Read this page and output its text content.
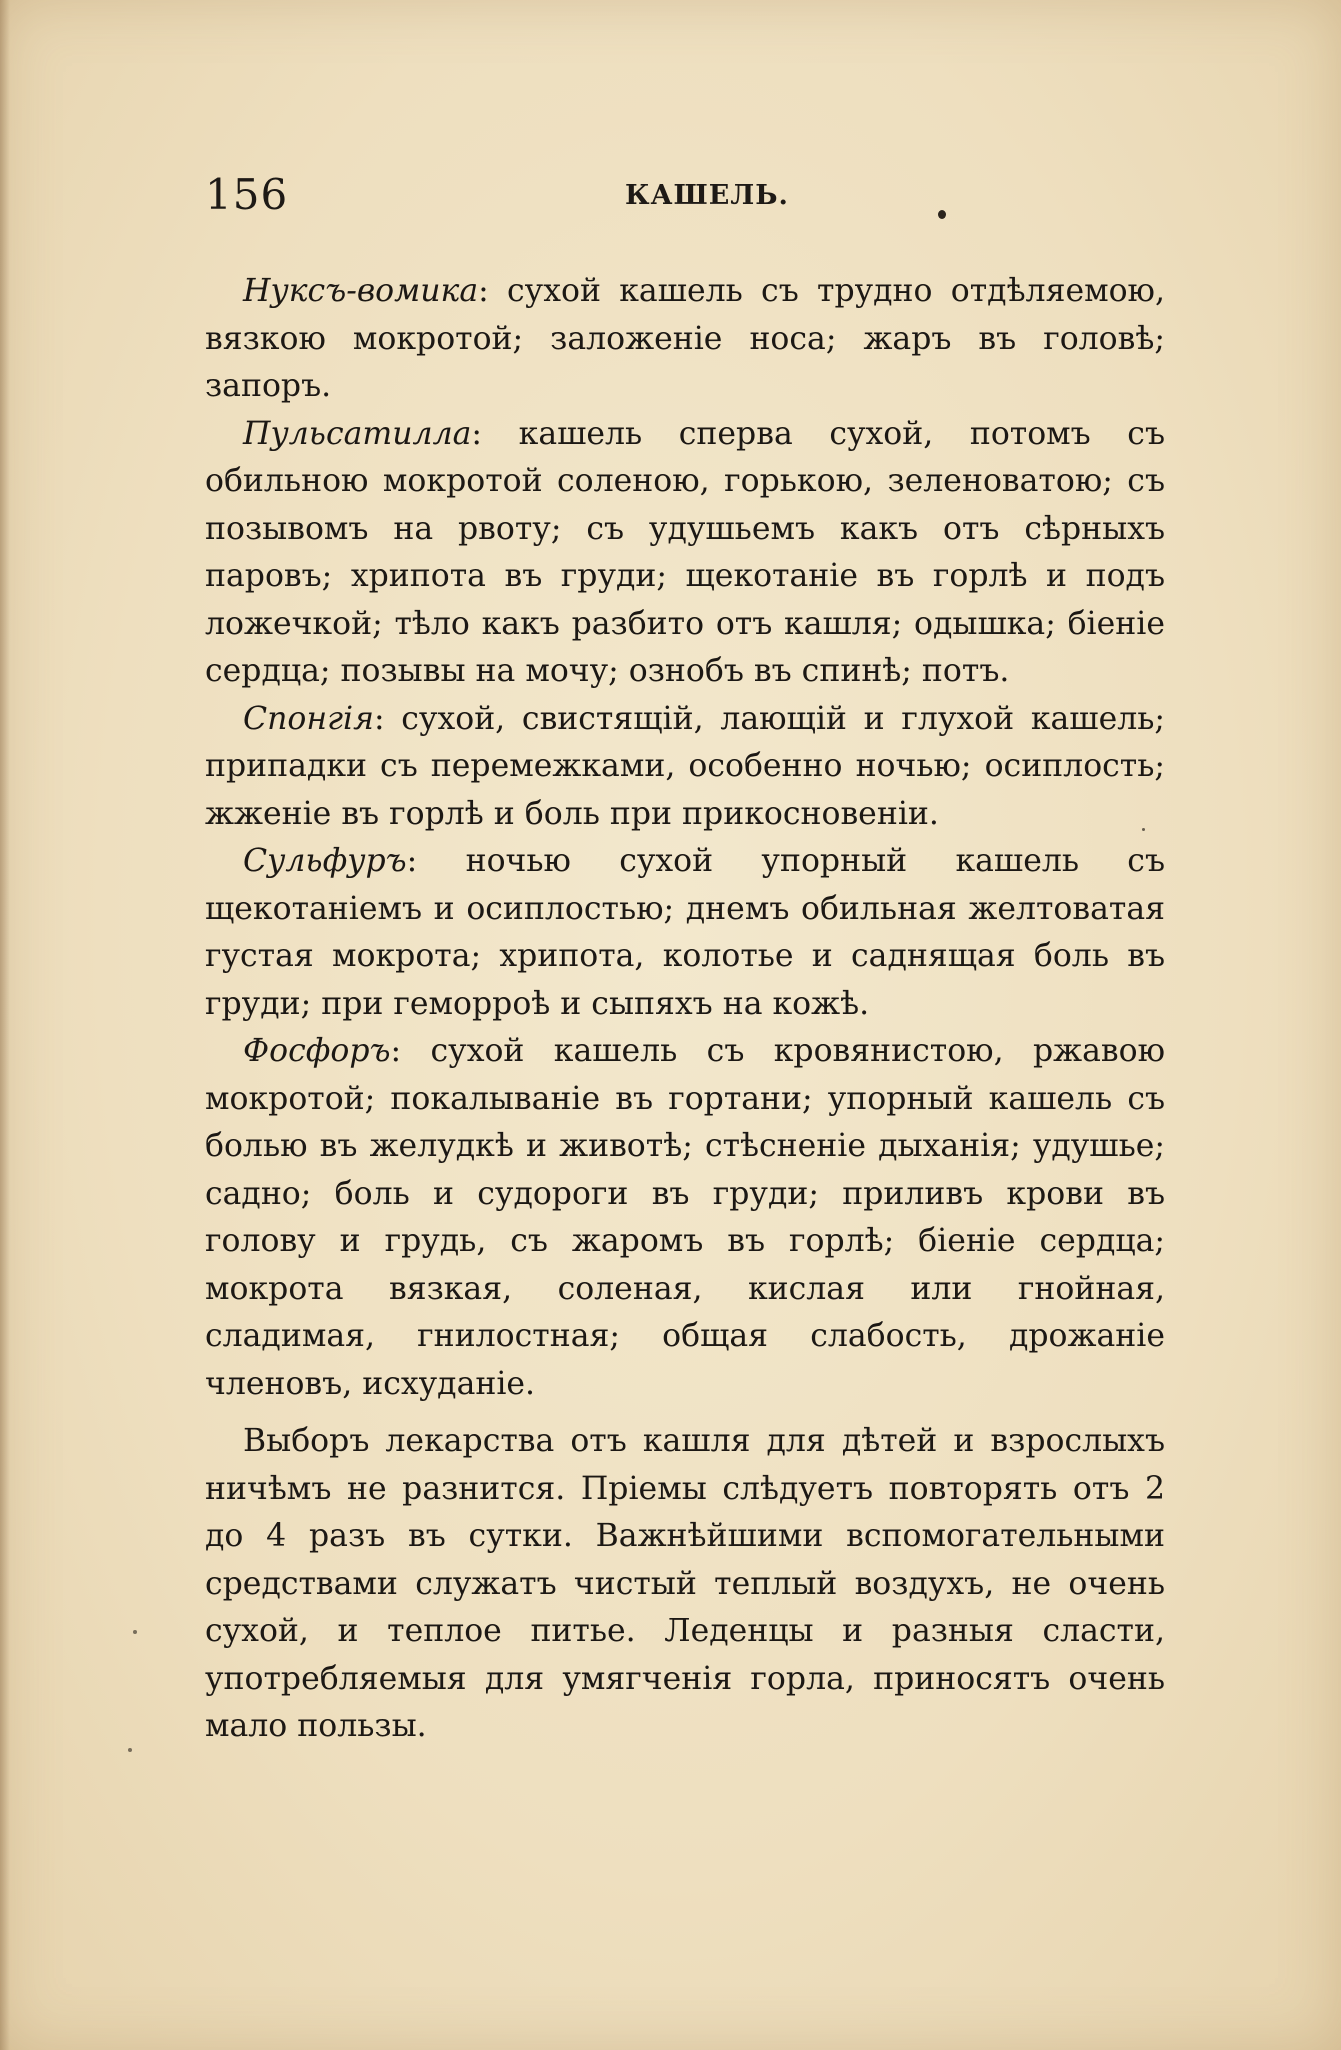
156	КАШЕЛЬ.

Нуксъ-вомика: сухой кашель съ трудно отдѣляемою, вязкою мокротой; заложеніе носа; жаръ въ головѣ; запоръ.

Пульсатилла: кашель сперва сухой, потомъ съ обильною мокротой соленою, горькою, зеленоватою; съ позывомъ на рвоту; съ удушьемъ какъ отъ сѣрныхъ паровъ; хрипота въ груди; щекотаніе въ горлѣ и подъ ложечкой; тѣло какъ разбито отъ кашля; одышка; біеніе сердца; позывы на мочу; ознобъ въ спинѣ; потъ.

Спонгія: сухой, свистящій, лающій и глухой кашель; припадки съ перемежками, особенно ночью; осиплость; жженіе въ горлѣ и боль при прикосновеніи.

Сульфуръ: ночью сухой упорный кашель съ щекотаніемъ и осиплостью; днемъ обильная желтоватая густая мокрота; хрипота, колотье и саднящая боль въ груди; при геморроѣ и сыпяхъ на кожѣ.

Фосфоръ: сухой кашель съ кровянистою, ржавою мокротой; покалываніе въ гортани; упорный кашель съ болью въ желудкѣ и животѣ; стѣсненіе дыханія; удушье; садно; боль и судороги въ груди; приливъ крови въ голову и грудь, съ жаромъ въ горлѣ; біеніе сердца; мокрота вязкая, соленая, кислая или гнойная, сладимая, гнилостная; общая слабость, дрожаніе членовъ, исхуданіе.

Выборъ лекарства отъ кашля для дѣтей и взрослыхъ ничѣмъ не разнится. Пріемы слѣдуетъ повторять отъ 2 до 4 разъ въ сутки. Важнѣйшими вспомогательными средствами служатъ чистый теплый воздухъ, не очень сухой, и теплое питье. Леденцы и разныя сласти, употребляемыя для умягченія горла, приносятъ очень мало пользы.
